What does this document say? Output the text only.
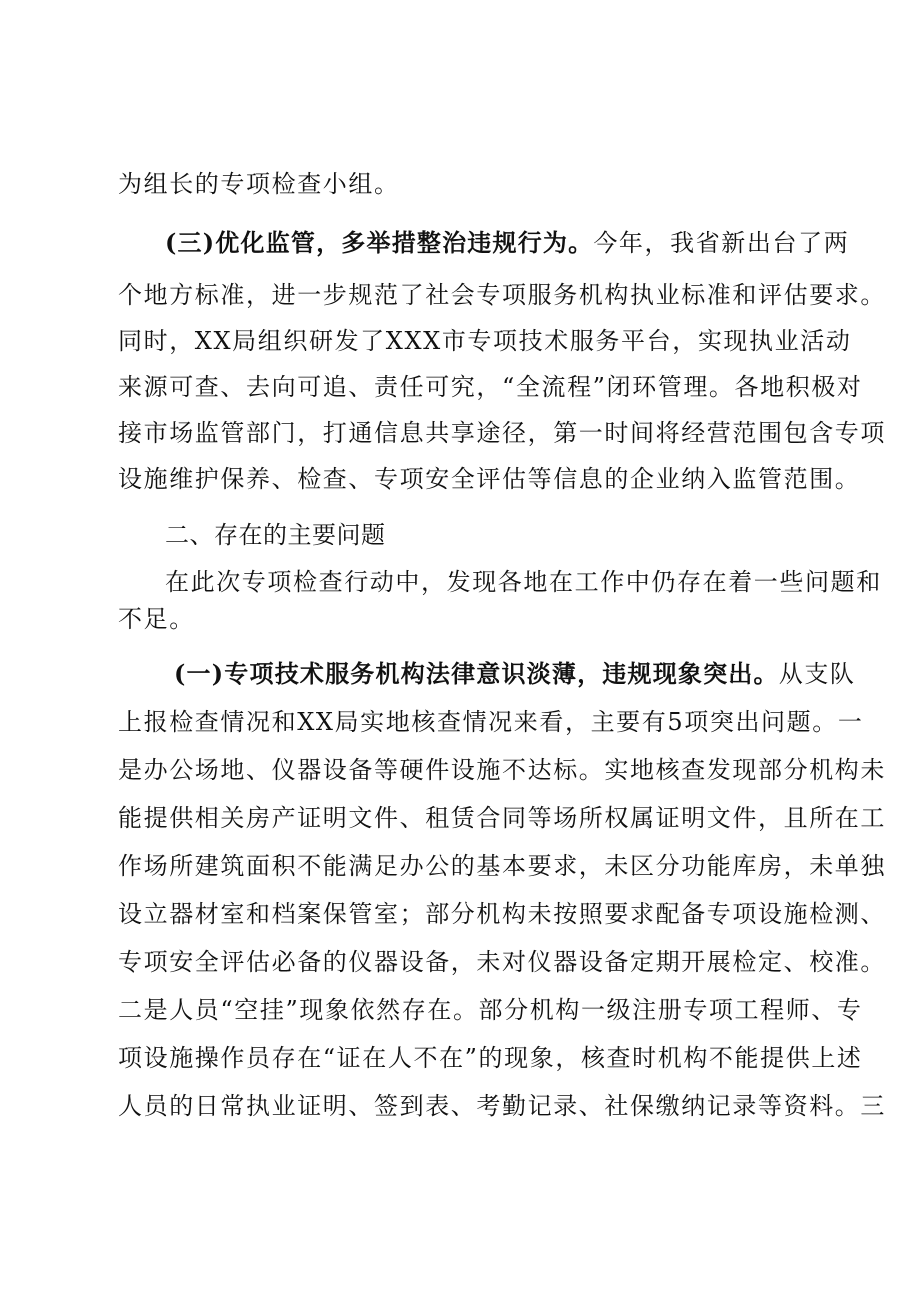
为组长的专项检查小组。
(三)优化监管，多举措整治违规行为。今年，我省新出台了两
个地方标准，进一步规范了社会专项服务机构执业标准和评估要求。
同时，XX局组织研发了XXX市专项技术服务平台，实现执业活动
来源可查、去向可追、责任可究，“全流程”闭环管理。各地积极对
接市场监管部门，打通信息共享途径，第一时间将经营范围包含专项
设施维护保养、检查、专项安全评估等信息的企业纳入监管范围。
二、存在的主要问题
在此次专项检查行动中，发现各地在工作中仍存在着一些问题和
不足。
(一)专项技术服务机构法律意识淡薄，违规现象突出。从支队
上报检查情况和XX局实地核查情况来看，主要有5项突出问题。一
是办公场地、仪器设备等硬件设施不达标。实地核查发现部分机构未
能提供相关房产证明文件、租赁合同等场所权属证明文件，且所在工
作场所建筑面积不能满足办公的基本要求，未区分功能库房，未单独
设立器材室和档案保管室；部分机构未按照要求配备专项设施检测、
专项安全评估必备的仪器设备，未对仪器设备定期开展检定、校准。
二是人员“空挂”现象依然存在。部分机构一级注册专项工程师、专
项设施操作员存在“证在人不在”的现象，核查时机构不能提供上述
人员的日常执业证明、签到表、考勤记录、社保缴纳记录等资料。三
